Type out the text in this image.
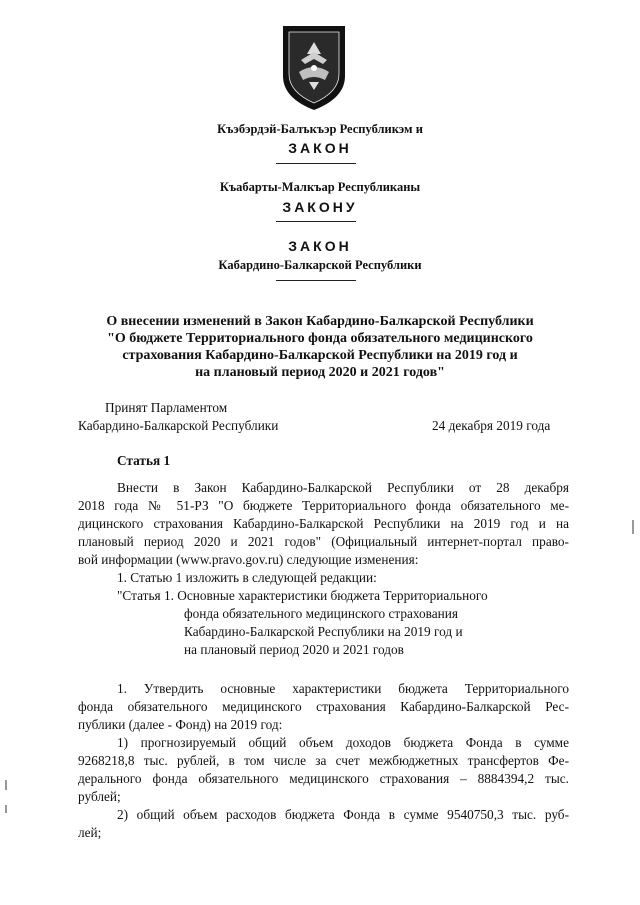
Къэбэрдэй-Балъкъэр Республикэм и
ЗАКОН
Къабарты-Малкъар Республиканы
ЗАКОНУ
ЗАКОН
Кабардино-Балкарской Республики
О внесении изменений в Закон Кабардино-Балкарской Республики
"О бюджете Территориального фонда обязательного медицинского
страхования Кабардино-Балкарской Республики на 2019 год и
на плановый период 2020 и 2021 годов"
Принят Парламентом
Кабардино-Балкарской Республики	24 декабря 2019 года
Статья 1
Внести в Закон Кабардино-Балкарской Республики от 28 декабря
2018 года № 51-РЗ "О бюджете Территориального фонда обязательного ме-
дицинского страхования Кабардино-Балкарской Республики на 2019 год и на
плановый период 2020 и 2021 годов" (Официальный интернет-портал право-
вой информации (www.pravo.gov.ru) следующие изменения:
1. Статью 1 изложить в следующей редакции:
"Статья 1. Основные характеристики бюджета Территориального
фонда обязательного медицинского страхования
Кабардино-Балкарской Республики на 2019 год и
на плановый период 2020 и 2021 годов
1. Утвердить основные характеристики бюджета Территориального
фонда обязательного медицинского страхования Кабардино-Балкарской Рес-
публики (далее - Фонд) на 2019 год:
1) прогнозируемый общий объем доходов бюджета Фонда в сумме
9268218,8 тыс. рублей, в том числе за счет межбюджетных трансфертов Фе-
дерального фонда обязательного медицинского страхования – 8884394,2 тыс.
рублей;
2) общий объем расходов бюджета Фонда в сумме 9540750,3 тыс. руб-
лей;
